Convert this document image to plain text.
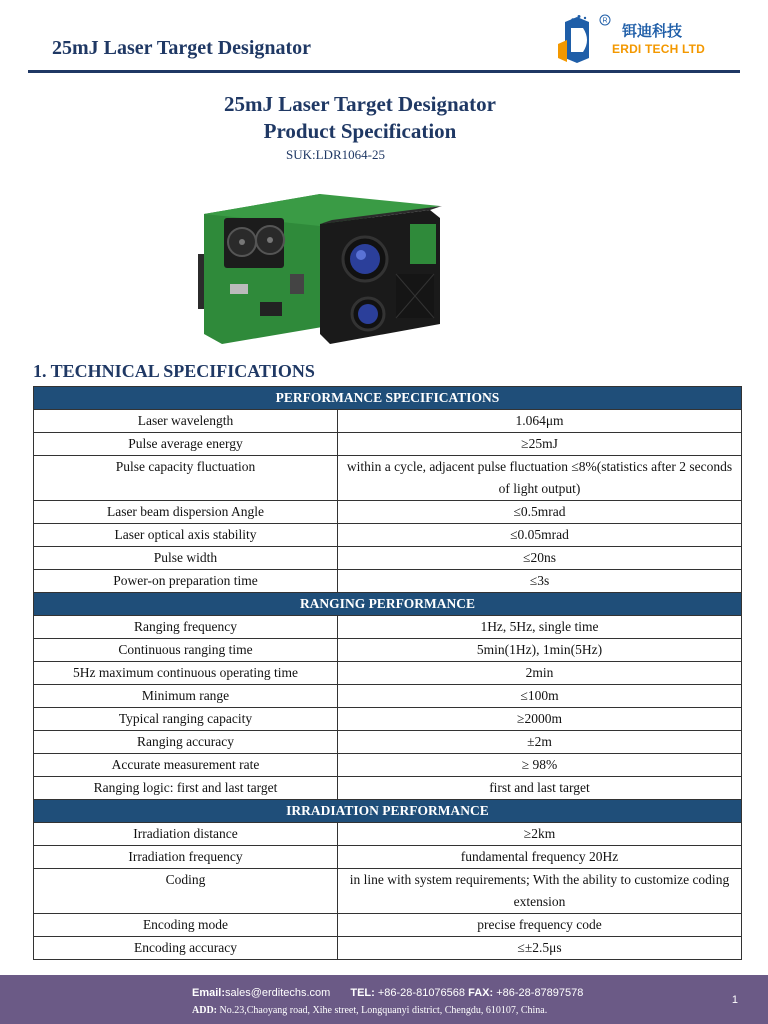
25mJ Laser Target Designator
R
铒迪科技
ERDI TECH LTD
25mJ Laser Target Designator
Product Specification
SUK:LDR1064-25
1. TECHNICAL SPECIFICATIONS
PERFORMANCE SPECIFICATIONS	
Laser wavelength	1.064μm
Pulse average energy	≥25mJ
Pulse capacity fluctuation	within a cycle, adjacent pulse fluctuation ≤8%(statistics after 2 seconds of light output)
Laser beam dispersion Angle	≤0.5mrad
Laser optical axis stability	≤0.05mrad
Pulse width	≤20ns
Power-on preparation time	≤3s
RANGING PERFORMANCE	
Ranging frequency	1Hz, 5Hz, single time
Continuous ranging time	5min(1Hz), 1min(5Hz)
5Hz maximum continuous operating time	2min
Minimum range	≤100m
Typical ranging capacity	≥2000m
Ranging accuracy	±2m
Accurate measurement rate	≥ 98%
Ranging logic: first and last target	first and last target
IRRADIATION PERFORMANCE	
Irradiation distance	≥2km
Irradiation frequency	fundamental frequency 20Hz
Coding	in line with system requirements; With the ability to customize coding extension
Encoding mode	precise frequency code
Encoding accuracy	≤±2.5μs
Email:sales@erditechs.com TEL: +86-28-81076568 FAX: +86-28-87897578
ADD: No.23,Chaoyang road, Xihe street, Longquanyi district, Chengdu, 610107, China.
1
